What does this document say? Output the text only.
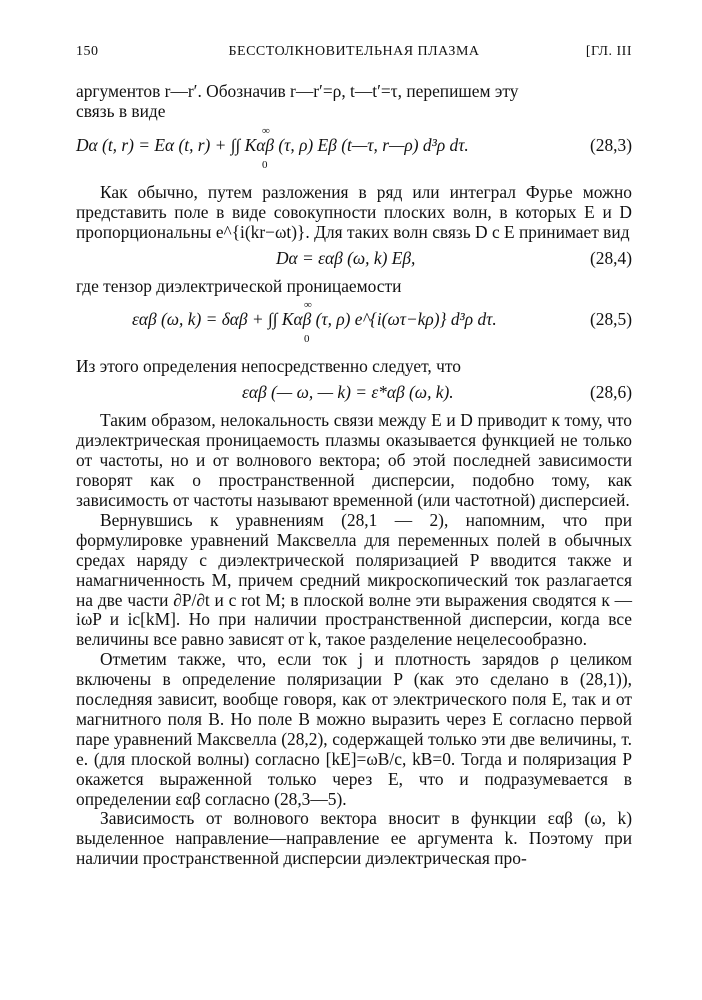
150	БЕССТОЛКНОВИТЕЛЬНАЯ ПЛАЗМА	[ГЛ. III

аргументов r—r′. Обозначив r—r′=ρ, t—t′=τ, перепишем эту

связь в виде

∞
0
Dα (t, r) = Eα (t, r) + ∫∫ Kαβ (τ, ρ) Eβ (t—τ, r—ρ) d³ρ dτ.	(28,3)

Как обычно, путем разложения в ряд или интеграл Фурье можно представить поле в виде совокупности плоских волн, в которых E и D пропорциональны e^{i(kr−ωt)}. Для таких волн связь D с E принимает вид

Dα = εαβ (ω, k) Eβ,	(28,4)

где тензор диэлектрической проницаемости

∞
0
εαβ (ω, k) = δαβ + ∫∫ Kαβ (τ, ρ) e^{i(ωτ−kρ)} d³ρ dτ.	(28,5)

Из этого определения непосредственно следует, что

εαβ (— ω, — k) = ε*αβ (ω, k).	(28,6)

Таким образом, нелокальность связи между E и D приводит к тому, что диэлектрическая проницаемость плазмы оказывается функцией не только от частоты, но и от волнового вектора; об этой последней зависимости говорят как о пространственной дисперсии, подобно тому, как зависимость от частоты называют временной (или частотной) дисперсией.

Вернувшись к уравнениям (28,1 — 2), напомним, что при формулировке уравнений Максвелла для переменных полей в обычных средах наряду с диэлектрической поляризацией P вводится также и намагниченность M, причем средний микроскопический ток разлагается на две части ∂P/∂t и c rot M; в плоской волне эти выражения сводятся к —iωP и ic[kM]. Но при наличии пространственной дисперсии, когда все величины все равно зависят от k, такое разделение нецелесообразно.

Отметим также, что, если ток j и плотность зарядов ρ целиком включены в определение поляризации P (как это сделано в (28,1)), последняя зависит, вообще говоря, как от электрического поля E, так и от магнитного поля B. Но поле B можно выразить через E согласно первой паре уравнений Максвелла (28,2), содержащей только эти две величины, т. е. (для плоской волны) согласно [kE]=ωB/c, kB=0. Тогда и поляризация P окажется выраженной только через E, что и подразумевается в определении εαβ согласно (28,3—5).

Зависимость от волнового вектора вносит в функции εαβ (ω, k) выделенное направление—направление ее аргумента k. Поэтому при наличии пространственной дисперсии диэлектрическая про-
